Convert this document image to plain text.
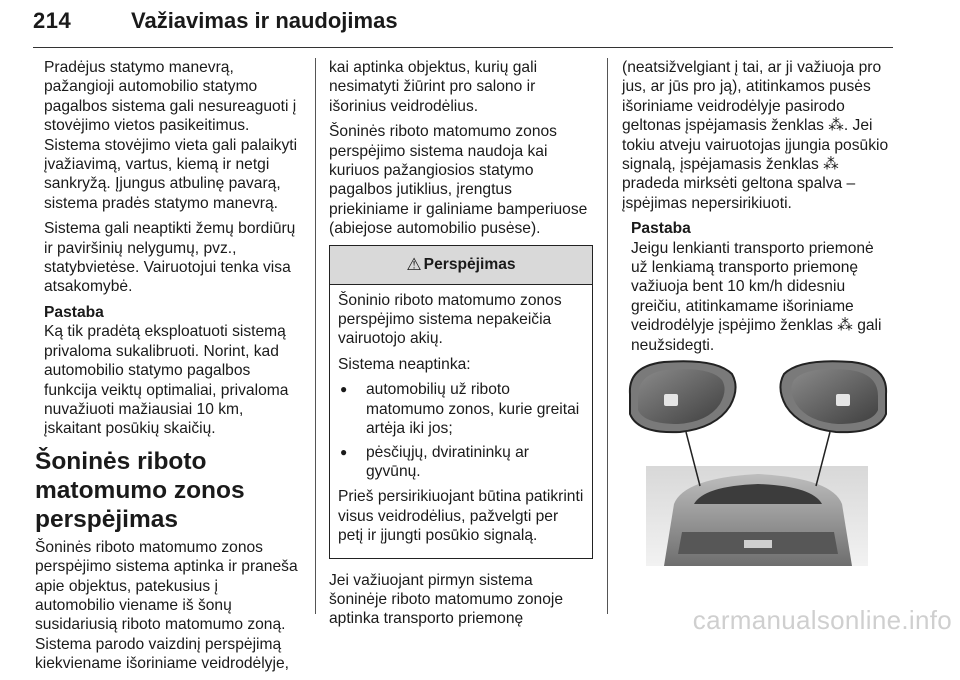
214	Važiavimas ir naudojimas

Pradėjus statymo manevrą, pažangioji automobilio statymo pagalbos sistema gali nesureaguoti į stovėjimo vietos pasikeitimus. Sistema stovėjimo vieta gali palaikyti įvažiavimą, vartus, kiemą ir netgi sankryžą. Įjungus atbulinę pavarą, sistema pradės statymo manevrą.

Sistema gali neaptikti žemų bordiūrų ir paviršinių nelygumų, pvz., statybvietėse. Vairuotojui tenka visa atsakomybė.

Pastaba

Ką tik pradėtą eksploatuoti sistemą privaloma sukalibruoti. Norint, kad automobilio statymo pagalbos funkcija veiktų optimaliai, privaloma nuvažiuoti mažiausiai 10 km, įskaitant posūkių skaičių.

Šoninės riboto matomumo zonos perspėjimas

Šoninės riboto matomumo zonos perspėjimo sistema aptinka ir praneša apie objektus, patekusius į automobilio viename iš šonų susidariusią riboto matomumo zoną. Sistema parodo vaizdinį perspėjimą kiekviename išoriniame veidrodėlyje,

kai aptinka objektus, kurių gali nesimatyti žiūrint pro salono ir išorinius veidrodėlius.

Šoninės riboto matomumo zonos perspėjimo sistema naudoja kai kuriuos pažangiosios statymo pagalbos jutiklius, įrengtus priekiniame ir galiniame bamperiuose (abiejose automobilio pusėse).

⚠ Perspėjimas

Šoninio riboto matomumo zonos perspėjimo sistema nepakeičia vairuotojo akių.

Sistema neaptinka:

● automobilių už riboto matomumo zonos, kurie greitai artėja iki jos;
● pėsčiųjų, dviratininkų ar gyvūnų.

Prieš persirikiuojant būtina patikrinti visus veidrodėlius, pažvelgti per petį ir įjungti posūkio signalą.

Jei važiuojant pirmyn sistema šoninėje riboto matomumo zonoje aptinka transporto priemonę

(neatsižvelgiant į tai, ar ji važiuoja pro jus, ar jūs pro ją), atitinkamos pusės išoriniame veidrodėlyje pasirodo geltonas įspėjamasis ženklas ⁂. Jei tokiu atveju vairuotojas įjungia posūkio signalą, įspėjamasis ženklas ⁂ pradeda mirksėti geltona spalva – įspėjimas nepersirikiuoti.

Pastaba

Jeigu lenkianti transporto priemonė už lenkiamą transporto priemonę važiuoja bent 10 km/h didesniu greičiu, atitinkamame išoriniame veidrodėlyje įspėjimo ženklas ⁂ gali neužsidegti.

carmanualsonline.info
